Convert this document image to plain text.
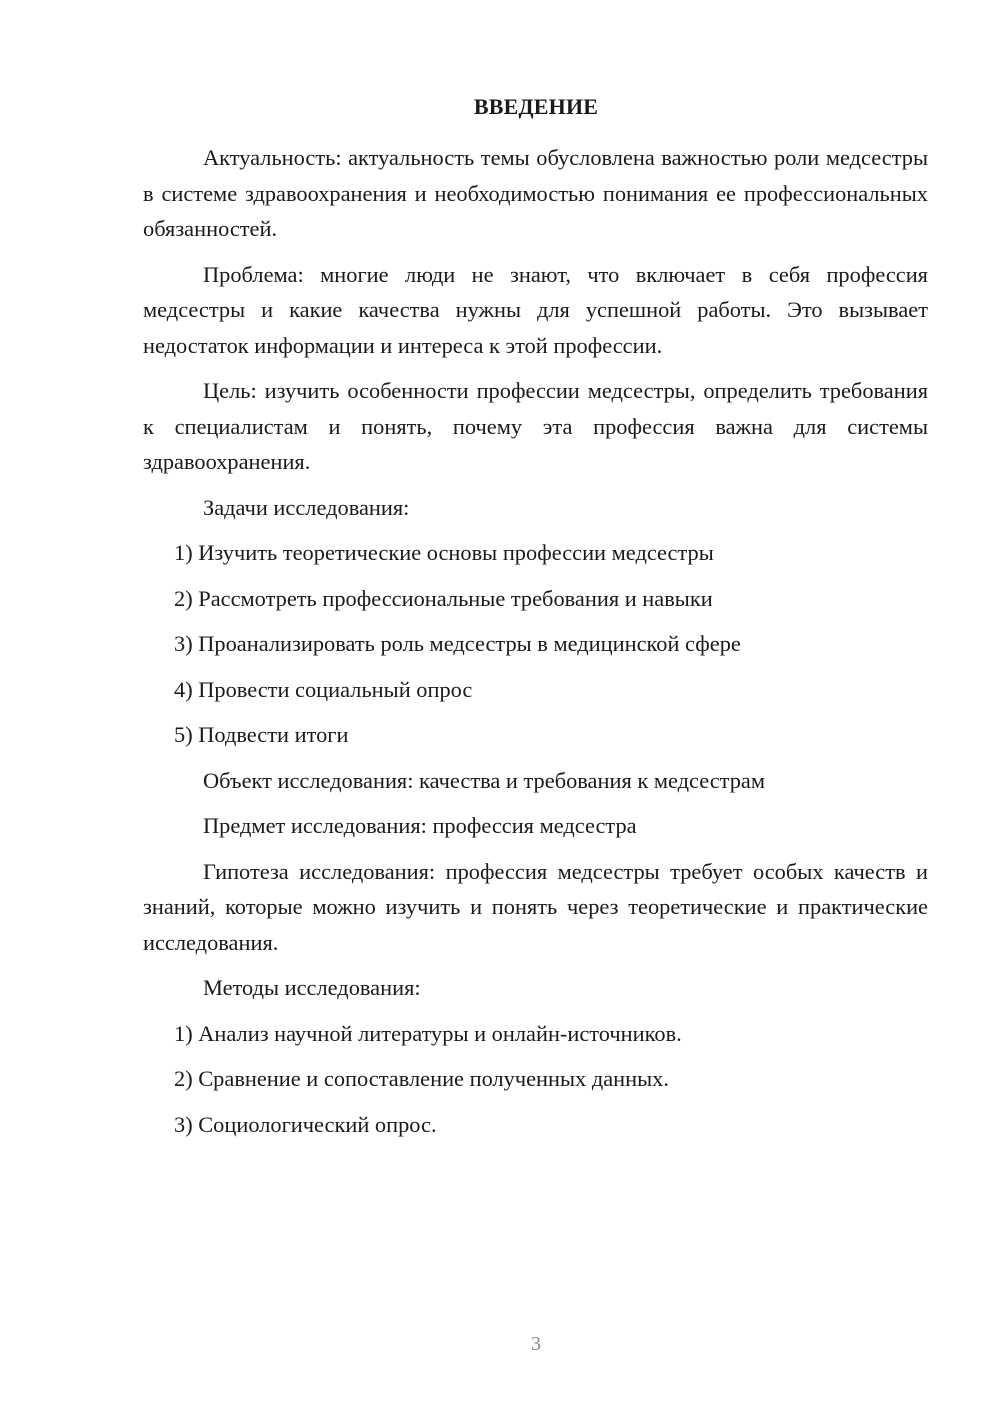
ВВЕДЕНИЕ

Актуальность: актуальность темы обусловлена важностью роли медсестры в системе здравоохранения и необходимостью понимания ее профессиональных обязанностей.

Проблема: многие люди не знают, что включает в себя профессия медсестры и какие качества нужны для успешной работы. Это вызывает недостаток информации и интереса к этой профессии.

Цель: изучить особенности профессии медсестры, определить требования к специалистам и понять, почему эта профессия важна для системы здравоохранения.

Задачи исследования:

1) Изучить теоретические основы профессии медсестры

2) Рассмотреть профессиональные требования и навыки

3) Проанализировать роль медсестры в медицинской сфере

4) Провести социальный опрос

5) Подвести итоги

Объект исследования: качества и требования к медсестрам

Предмет исследования: профессия медсестра

Гипотеза исследования: профессия медсестры требует особых качеств и знаний, которые можно изучить и понять через теоретические и практические исследования.

Методы исследования:

1) Анализ научной литературы и онлайн-источников.

2) Сравнение и сопоставление полученных данных.

3) Социологический опрос.

3
